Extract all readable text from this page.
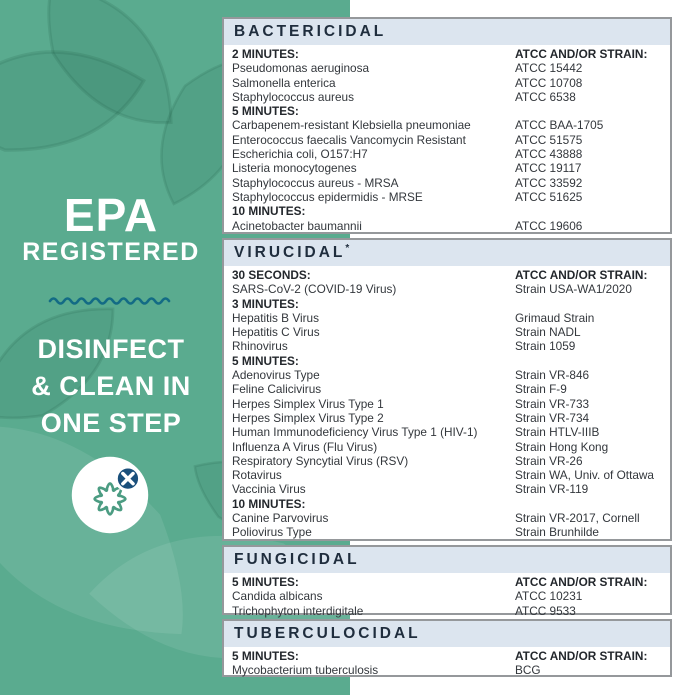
EPA
REGISTERED
DISINFECT
& CLEAN IN
ONE STEP
BACTERICIDAL
2 MINUTES:	ATCC AND/OR STRAIN:
Pseudomonas aeruginosa	ATCC 15442
Salmonella enterica	ATCC 10708
Staphylococcus aureus	ATCC 6538
5 MINUTES:
Carbapenem-resistant Klebsiella pneumoniae	ATCC BAA-1705
Enterococcus faecalis Vancomycin Resistant	ATCC 51575
Escherichia coli, O157:H7	ATCC 43888
Listeria monocytogenes	ATCC 19117
Staphylococcus aureus - MRSA	ATCC 33592
Staphylococcus epidermidis - MRSE	ATCC 51625
10 MINUTES:
Acinetobacter baumannii	ATCC 19606
VIRUCIDAL *
30 SECONDS:	ATCC AND/OR STRAIN:
SARS-CoV-2 (COVID-19 Virus)	Strain USA-WA1/2020
3 MINUTES:
Hepatitis B Virus	Grimaud Strain
Hepatitis C Virus	Strain NADL
Rhinovirus	Strain 1059
5 MINUTES:
Adenovirus Type	Strain VR-846
Feline Calicivirus	Strain F-9
Herpes Simplex Virus Type 1	Strain VR-733
Herpes Simplex Virus Type 2	Strain VR-734
Human Immunodeficiency Virus Type 1 (HIV-1)	Strain HTLV-IIIB
Influenza A Virus (Flu Virus)	Strain Hong Kong
Respiratory Syncytial Virus (RSV)	Strain VR-26
Rotavirus	Strain WA, Univ. of Ottawa
Vaccinia Virus	Strain VR-119
10 MINUTES:
Canine Parvovirus	Strain VR-2017, Cornell
Poliovirus Type	Strain Brunhilde
FUNGICIDAL
5 MINUTES:	ATCC AND/OR STRAIN:
Candida albicans	ATCC 10231
Trichophyton interdigitale	ATCC 9533
TUBERCULOCIDAL
5 MINUTES:	ATCC AND/OR STRAIN:
Mycobacterium tuberculosis	BCG
